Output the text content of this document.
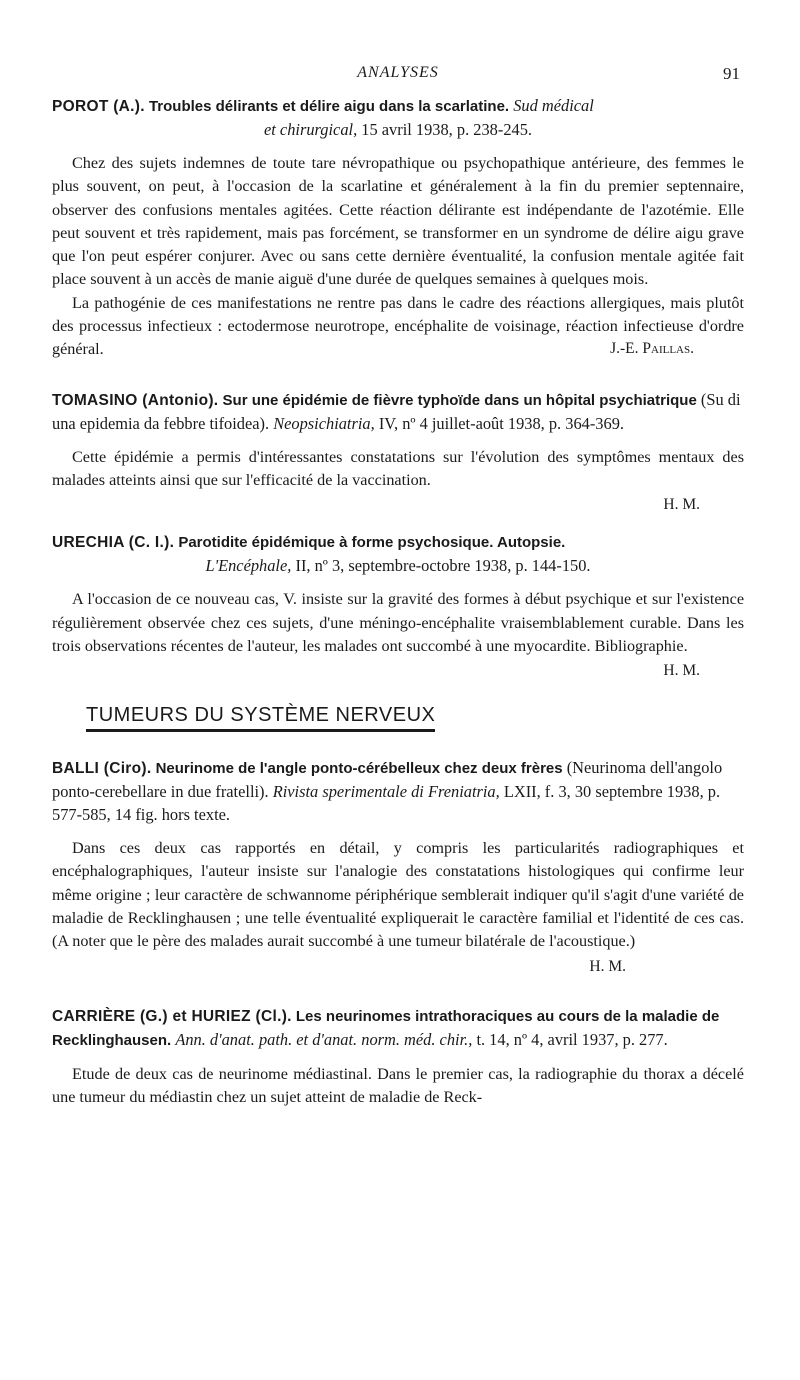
ANALYSES	91
POROT (A.). Troubles délirants et délire aigu dans la scarlatine. Sud médical
et chirurgical, 15 avril 1938, p. 238-245.

Chez des sujets indemnes de toute tare névropathique ou psychopathique antérieure, des femmes le plus souvent, on peut, à l'occasion de la scarlatine et généralement à la fin du premier septennaire, observer des confusions mentales agitées. Cette réaction délirante est indépendante de l'azotémie. Elle peut souvent et très rapidement, mais pas forcément, se transformer en un syndrome de délire aigu grave que l'on peut espérer conjurer. Avec ou sans cette dernière éventualité, la confusion mentale agitée fait place souvent à un accès de manie aiguë d'une durée de quelques semaines à quelques mois.

La pathogénie de ces manifestations ne rentre pas dans le cadre des réactions allergiques, mais plutôt des processus infectieux : ectodermose neurotrope, encéphalite de voisinage, réaction infectieuse d'ordre général.	J.-E. Paillas.

TOMASINO (Antonio). Sur une épidémie de fièvre typhoïde dans un hôpital psychiatrique (Su di una epidemia da febbre tifoidea). Neopsichiatria, IV, nº 4 juillet-août 1938, p. 364-369.

Cette épidémie a permis d'intéressantes constatations sur l'évolution des symptômes mentaux des malades atteints ainsi que sur l'efficacité de la vaccination.

H. M.
URECHIA (C. I.). Parotidite épidémique à forme psychosique. Autopsie.
L'Encéphale, II, nº 3, septembre-octobre 1938, p. 144-150.

A l'occasion de ce nouveau cas, V. insiste sur la gravité des formes à début psychique et sur l'existence régulièrement observée chez ces sujets, d'une méningo-encéphalite vraisemblablement curable. Dans les trois observations récentes de l'auteur, les malades ont succombé à une myocardite. Bibliographie.

H. M.
TUMEURS DU SYSTÈME NERVEUX
BALLI (Ciro). Neurinome de l'angle ponto-cérébelleux chez deux frères (Neurinoma dell'angolo ponto-cerebellare in due fratelli). Rivista sperimentale di Freniatria, LXII, f. 3, 30 septembre 1938, p. 577-585, 14 fig. hors texte.

Dans ces deux cas rapportés en détail, y compris les particularités radiographiques et encéphalographiques, l'auteur insiste sur l'analogie des constatations histologiques qui confirme leur même origine ; leur caractère de schwannome périphérique semblerait indiquer qu'il s'agit d'une variété de maladie de Recklinghausen ; une telle éventualité expliquerait le caractère familial et l'identité de ces cas. (A noter que le père des malades aurait succombé à une tumeur bilatérale de l'acoustique.)

H. M.
CARRIÈRE (G.) et HURIEZ (Cl.). Les neurinomes intrathoraciques au cours de la maladie de Recklinghausen. Ann. d'anat. path. et d'anat. norm. méd. chir., t. 14, nº 4, avril 1937, p. 277.

Etude de deux cas de neurinome médiastinal. Dans le premier cas, la radiographie du thorax a décelé une tumeur du médiastin chez un sujet atteint de maladie de Reck-
